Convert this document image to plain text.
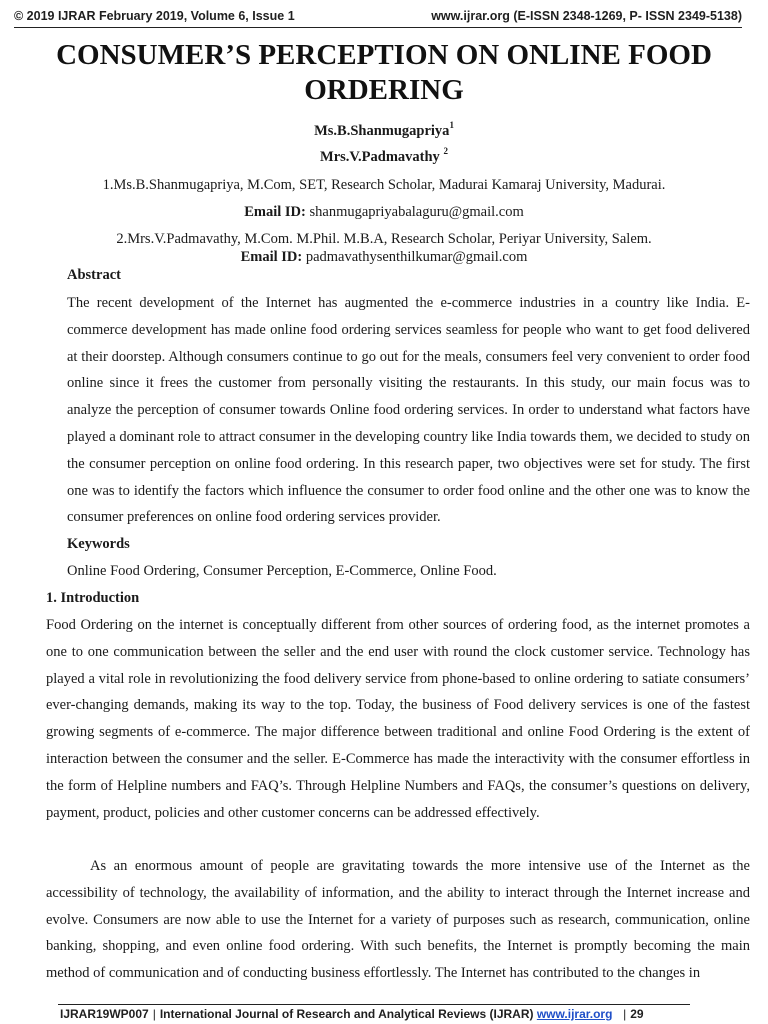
© 2019 IJRAR February 2019, Volume 6, Issue 1	www.ijrar.org (E-ISSN 2348-1269, P- ISSN 2349-5138)
CONSUMER’S PERCEPTION ON ONLINE FOOD ORDERING
Ms.B.Shanmugapriya$^1$
Mrs.V.Padmavathy $^2$
1.Ms.B.Shanmugapriya, M.Com, SET, Research Scholar, Madurai Kamaraj University, Madurai.
Email ID: shanmugapriyabalaguru@gmail.com
2.Mrs.V.Padmavathy, M.Com. M.Phil. M.B.A, Research Scholar, Periyar University, Salem.
Email ID: padmavathysenthilkumar@gmail.com
Abstract

The recent development of the Internet has augmented the e-commerce industries in a country like India. E-commerce development has made online food ordering services seamless for people who want to get food delivered at their doorstep. Although consumers continue to go out for the meals, consumers feel very convenient to order food online since it frees the customer from personally visiting the restaurants. In this study, our main focus was to analyze the perception of consumer towards Online food ordering services. In order to understand what factors have played a dominant role to attract consumer in the developing country like India towards them, we decided to study on the consumer perception on online food ordering. In this research paper, two objectives were set for study. The first one was to identify the factors which influence the consumer to order food online and the other one was to know the consumer preferences on online food ordering services provider.

Keywords

Online Food Ordering, Consumer Perception, E-Commerce, Online Food.

1. Introduction

Food Ordering on the internet is conceptually different from other sources of ordering food, as the internet promotes a one to one communication between the seller and the end user with round the clock customer service. Technology has played a vital role in revolutionizing the food delivery service from phone-based to online ordering to satiate consumers’ ever-changing demands, making its way to the top. Today, the business of Food delivery services is one of the fastest growing segments of e-commerce. The major difference between traditional and online Food Ordering is the extent of interaction between the consumer and the seller. E-Commerce has made the interactivity with the consumer effortless in the form of Helpline numbers and FAQ’s. Through Helpline Numbers and FAQs, the consumer’s questions on delivery, payment, product, policies and other customer concerns can be addressed effectively.

As an enormous amount of people are gravitating towards the more intensive use of the Internet as the accessibility of technology, the availability of information, and the ability to interact through the Internet increase and evolve. Consumers are now able to use the Internet for a variety of purposes such as research, communication, online banking, shopping, and even online food ordering. With such benefits, the Internet is promptly becoming the main method of communication and of conducting business effortlessly. The Internet has contributed to the changes in

IJRAR19WP007 | International Journal of Research and Analytical Reviews (IJRAR) www.ijrar.org  | 29
